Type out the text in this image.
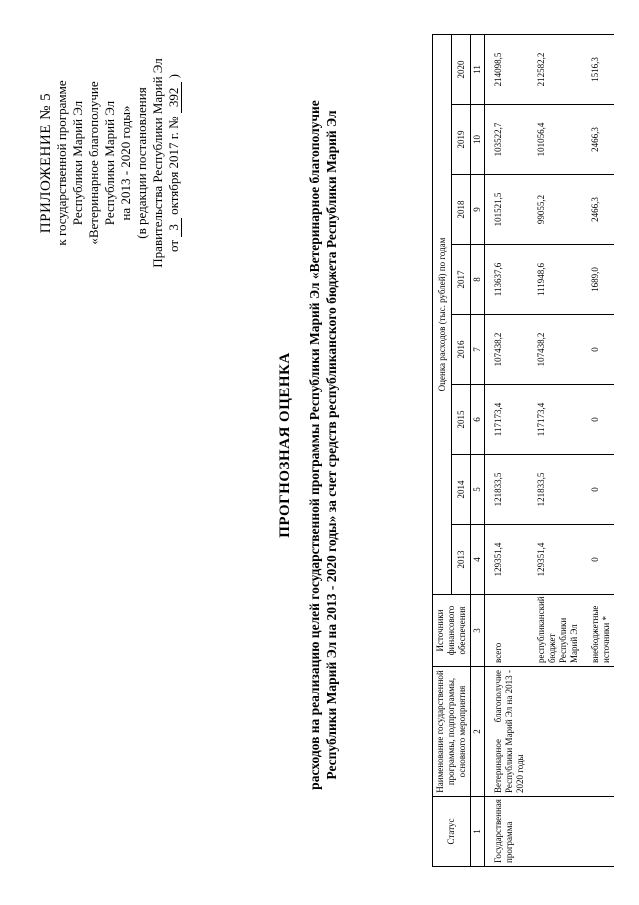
ПРИЛОЖЕНИЕ № 5 к государственной программе Республики Марий Эл «Ветеринарное благополучие Республики Марий Эл на 2013 - 2020 годы» (в редакции постановления Правительства Республики Марий Эл от 3 октября 2017 г. № 392 )
ПРОГНОЗНАЯ ОЦЕНКА расходов на реализацию целей государственной программы Республики Марий Эл «Ветеринарное благополучие Республики Марий Эл на 2013 - 2020 годы» за счет средств республиканского бюджета Республики Марий Эл
Статус	Наименование государственной программы, подпрограммы, основного мероприятия	Источники финансового обеспечения	Оценка расходов (тыс. рублей) по годам							
			2013	2014	2015	2016	2017	2018	2019	2020
1	2	3	4	5	6	7	8	9	10	11
Государственная программа	Ветеринарное благополучие Республики Марий Эл на 2013 - 2020 годы	всего	129351,4	121833,5	117173,4	107438,2	113637,6	101521,5	103522,7	214098,5
		республиканский бюджет Республики Марий Эл	129351,4	121833,5	117173,4	107438,2	111948,6	99055,2	101056,4	212582,2
		внебюджетные источники *	0	0	0	0	1689,0	2466,3	2466,3	1516,3
